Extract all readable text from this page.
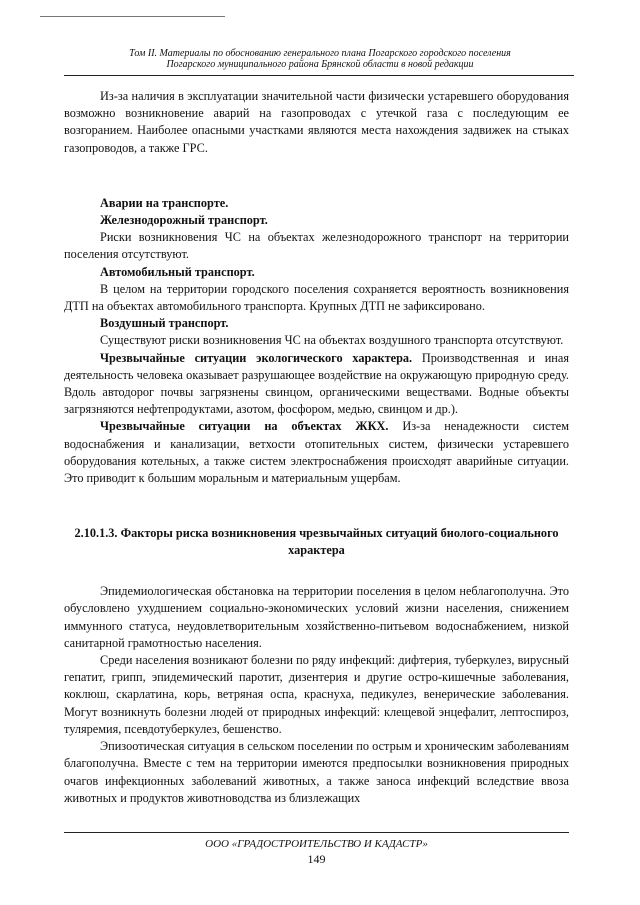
Том II. Материалы по обоснованию генерального плана Погарского городского поселения
Погарского муниципального района Брянской области в новой редакции

Из-за наличия в эксплуатации значительной части физически устаревшего оборудования возможно возникновение аварий на газопроводах с утечкой газа с последующим ее возгоранием. Наиболее опасными участками являются места нахождения задвижек на стыках газопроводов, а также ГРС.

Аварии на транспорте.

Железнодорожный транспорт.

Риски возникновения ЧС на объектах железнодорожного транспорт на территории поселения отсутствуют.

Автомобильный транспорт.

В целом на территории городского поселения сохраняется вероятность возникновения ДТП на объектах автомобильного транспорта. Крупных ДТП не зафиксировано.

Воздушный транспорт.

Существуют риски возникновения ЧС на объектах воздушного транспорта отсутствуют.

Чрезвычайные ситуации экологического характера. Производственная и иная деятельность человека оказывает разрушающее воздействие на окружающую природную среду. Вдоль автодорог почвы загрязнены свинцом, органическими веществами. Водные объекты загрязняются нефтепродуктами, азотом, фосфором, медью, свинцом и др.).

Чрезвычайные ситуации на объектах ЖКХ. Из-за ненадежности систем водоснабжения и канализации, ветхости отопительных систем, физически устаревшего оборудования котельных, а также систем электроснабжения происходят аварийные ситуации. Это приводит к большим моральным и материальным ущербам.

2.10.1.3. Факторы риска возникновения чрезвычайных ситуаций биолого-социального характера

Эпидемиологическая обстановка на территории поселения в целом неблагополучна. Это обусловлено ухудшением социально-экономических условий жизни населения, снижением иммунного статуса, неудовлетворительным хозяйственно-питьевом водоснабжением, низкой санитарной грамотностью населения.

Среди населения возникают болезни по ряду инфекций: дифтерия, туберкулез, вирусный гепатит, грипп, эпидемический паротит, дизентерия и другие остро-кишечные заболевания, коклюш, скарлатина, корь, ветряная оспа, краснуха, педикулез, венерические заболевания. Могут возникнуть болезни людей от природных инфекций: клещевой энцефалит, лептоспироз, туляремия, псевдотуберкулез, бешенство.

Эпизоотическая ситуация в сельском поселении по острым и хроническим заболеваниям благополучна. Вместе с тем на территории имеются предпосылки возникновения природных очагов инфекционных заболеваний животных, а также заноса инфекций вследствие ввоза животных и продуктов животноводства из близлежащих

ООО «ГРАДОСТРОИТЕЛЬСТВО И КАДАСТР»
149
